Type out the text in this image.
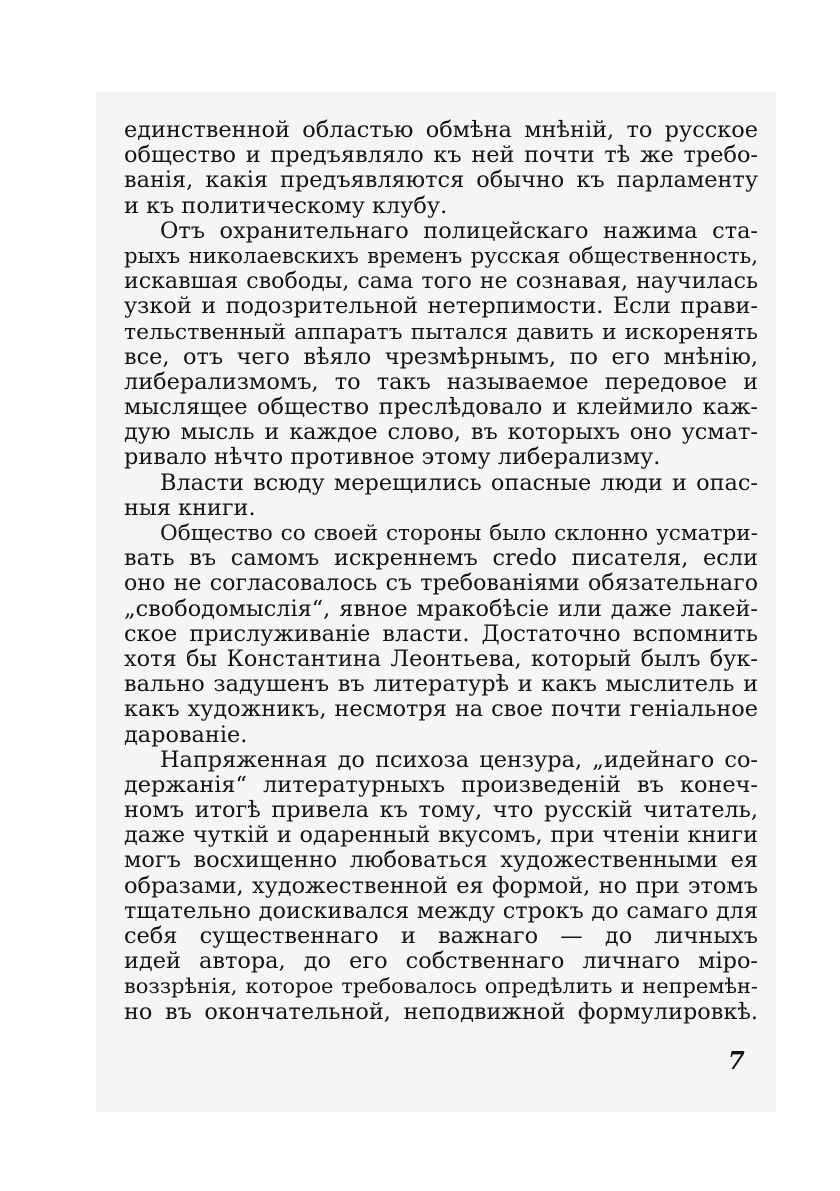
единственной областью обмѣна мнѣній, то русское
общество и предъявляло къ ней почти тѣ же требо-
ванія, какія предъявляются обычно къ парламенту
и къ политическому клубу.
Отъ охранительнаго полицейскаго нажима ста-
рыхъ николаевскихъ временъ русская общественность,
искавшая свободы, сама того не сознавая, научилась
узкой и подозрительной нетерпимости. Если прави-
тельственный аппаратъ пытался давить и искоренять
все, отъ чего вѣяло чрезмѣрнымъ, по его мнѣнію,
либерализмомъ, то такъ называемое передовое и
мыслящее общество преслѣдовало и клеймило каж-
дую мысль и каждое слово, въ которыхъ оно усмат-
ривало нѣчто противное этому либерализму.
Власти всюду мерещились опасные люди и опас-
ныя книги.
Общество со своей стороны было склонно усматри-
вать въ самомъ искреннемъ credo писателя, если
оно не согласовалось съ требованіями обязательнаго
„свободомыслія“, явное мракобѣсіе или даже лакей-
ское прислуживаніе власти. Достаточно вспомнить
хотя бы Константина Леонтьева, который былъ бук-
вально задушенъ въ литературѣ и какъ мыслитель и
какъ художникъ, несмотря на свое почти геніальное
дарованіе.
Напряженная до психоза цензура, „идейнаго со-
держанія“ литературныхъ произведеній въ конеч-
номъ итогѣ привела къ тому, что русскій читатель,
даже чуткій и одаренный вкусомъ, при чтеніи книги
могъ восхищенно любоваться художественными ея
образами, художественной ея формой, но при этомъ
тщательно доискивался между строкъ до самаго для
себя существеннаго и важнаго — до личныхъ
идей автора, до его собственнаго личнаго міро-
воззрѣнія, которое требовалось опредѣлить и непремѣн-
но въ окончательной, неподвижной формулировкѣ.
7
